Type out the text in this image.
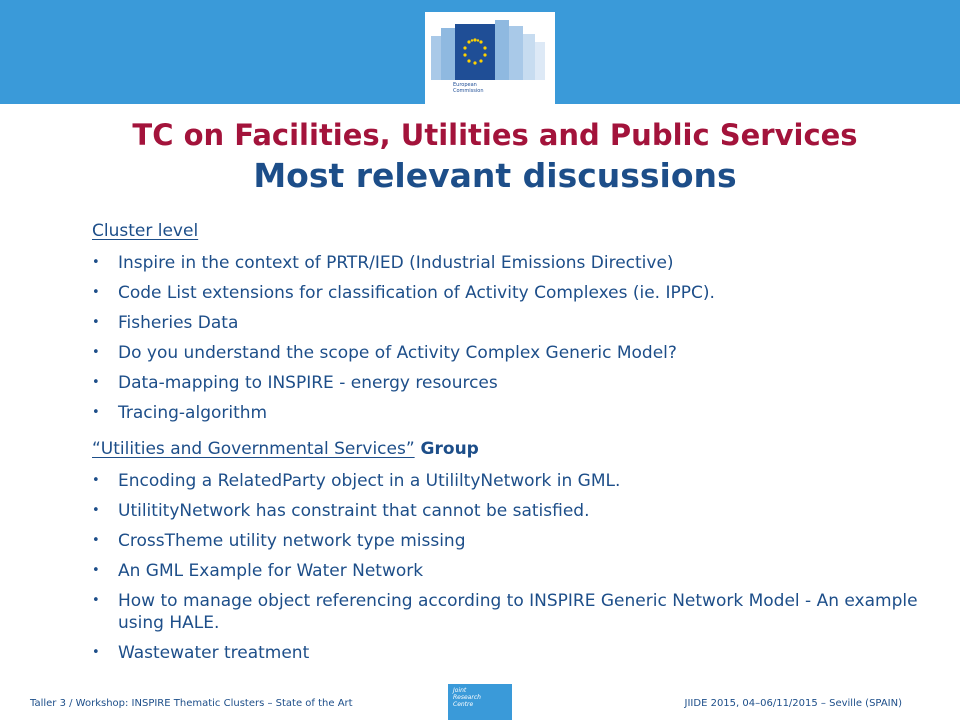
European
Commission
TC on Facilities, Utilities and Public Services
Most relevant discussions
Cluster level
• Inspire in the context of PRTR/IED (Industrial Emissions Directive)
• Code List extensions for classification of Activity Complexes (ie. IPPC).
• Fisheries Data
• Do you understand the scope of Activity Complex Generic Model?
• Data-mapping to INSPIRE - energy resources
• Tracing-algorithm
“Utilities and Governmental Services” Group
• Encoding a RelatedParty object in a UtililtyNetwork in GML.
• UtilitityNetwork has constraint that cannot be satisfied.
• CrossTheme utility network type missing
• An GML Example for Water Network
• How to manage object referencing according to INSPIRE Generic Network Model - An example using HALE.
• Wastewater treatment
Taller 3 / Workshop: INSPIRE Thematic Clusters – State of the Art
Joint
Research
Centre	JIIDE 2015, 04–06/11/2015 – Seville (SPAIN)
